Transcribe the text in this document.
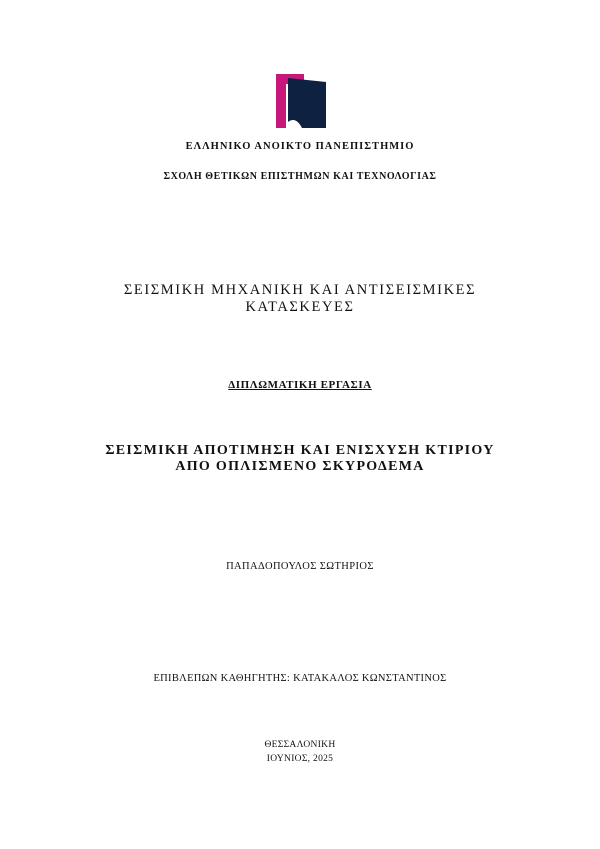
ΕΛΛΗΝΙΚΟ ΑΝΟΙΚΤΟ ΠΑΝΕΠΙΣΤΗΜΙΟ
ΣΧΟΛΗ ΘΕΤΙΚΩΝ ΕΠΙΣΤΗΜΩΝ ΚΑΙ ΤΕΧΝΟΛΟΓΙΑΣ
ΣΕΙΣΜΙΚΗ ΜΗΧΑΝΙΚΗ ΚΑΙ ΑΝΤΙΣΕΙΣΜΙΚΕΣ
ΚΑΤΑΣΚΕΥΕΣ
ΔΙΠΛΩΜΑΤΙΚΗ ΕΡΓΑΣΙΑ
ΣΕΙΣΜΙΚΗ ΑΠΟΤΙΜΗΣΗ ΚΑΙ ΕΝΙΣΧΥΣΗ ΚΤΙΡΙΟΥ
ΑΠΟ ΟΠΛΙΣΜΕΝΟ ΣΚΥΡΟΔΕΜΑ
ΠΑΠΑΔΟΠΟΥΛΟΣ ΣΩΤΗΡΙΟΣ
ΕΠΙΒΛΕΠΩΝ ΚΑΘΗΓΗΤΗΣ: ΚΑΤΑΚΑΛΟΣ ΚΩΝΣΤΑΝΤΙΝΟΣ
ΘΕΣΣΑΛΟΝΙΚΗ
ΙΟΥΝΙΟΣ, 2025
